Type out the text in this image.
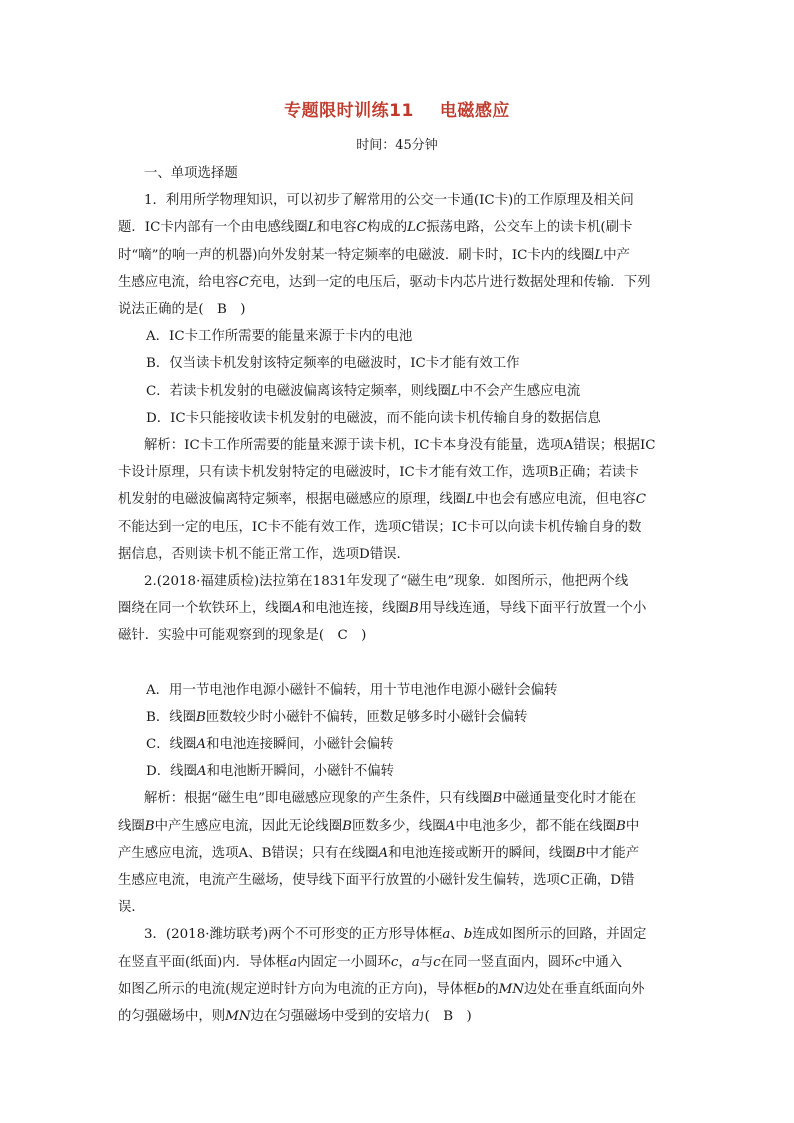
专题限时训练11 电磁感应
时间：45分钟

一、单项选择题

1．利用所学物理知识，可以初步了解常用的公交一卡通(IC卡)的工作原理及相关问

题．IC卡内部有一个由电感线圈L和电容C构成的LC振荡电路，公交车上的读卡机(刷卡

时“嘀”的响一声的机器)向外发射某一特定频率的电磁波．刷卡时，IC卡内的线圈L中产

生感应电流，给电容C充电，达到一定的电压后，驱动卡内芯片进行数据处理和传输．下列

说法正确的是(　B　)

A．IC卡工作所需要的能量来源于卡内的电池

B．仅当读卡机发射该特定频率的电磁波时，IC卡才能有效工作

C．若读卡机发射的电磁波偏离该特定频率，则线圈L中不会产生感应电流

D．IC卡只能接收读卡机发射的电磁波，而不能向读卡机传输自身的数据信息

解析：IC卡工作所需要的能量来源于读卡机，IC卡本身没有能量，选项A错误；根据IC

卡设计原理，只有读卡机发射特定的电磁波时，IC卡才能有效工作，选项B正确；若读卡

机发射的电磁波偏离特定频率，根据电磁感应的原理，线圈L中也会有感应电流，但电容C

不能达到一定的电压，IC卡不能有效工作，选项C错误；IC卡可以向读卡机传输自身的数

据信息，否则读卡机不能正常工作，选项D错误．

2.(2018·福建质检)法拉第在1831年发现了“磁生电”现象．如图所示，他把两个线

圈绕在同一个软铁环上，线圈A和电池连接，线圈B用导线连通，导线下面平行放置一个小

磁针．实验中可能观察到的现象是(　C　)

A．用一节电池作电源小磁针不偏转，用十节电池作电源小磁针会偏转

B．线圈B匝数较少时小磁针不偏转，匝数足够多时小磁针会偏转

C．线圈A和电池连接瞬间，小磁针会偏转

D．线圈A和电池断开瞬间，小磁针不偏转

解析：根据“磁生电”即电磁感应现象的产生条件，只有线圈B中磁通量变化时才能在

线圈B中产生感应电流，因此无论线圈B匝数多少，线圈A中电池多少，都不能在线圈B中

产生感应电流，选项A、B错误；只有在线圈A和电池连接或断开的瞬间，线圈B中才能产

生感应电流，电流产生磁场，使导线下面平行放置的小磁针发生偏转，选项C正确，D错

误．

3．(2018·潍坊联考)两个不可形变的正方形导体框a、b连成如图所示的回路，并固定

在竖直平面(纸面)内．导体框a内固定一小圆环c，a与c在同一竖直面内，圆环c中通入

如图乙所示的电流(规定逆时针方向为电流的正方向)，导体框b的MN边处在垂直纸面向外

的匀强磁场中，则MN边在匀强磁场中受到的安培力(　B　)
